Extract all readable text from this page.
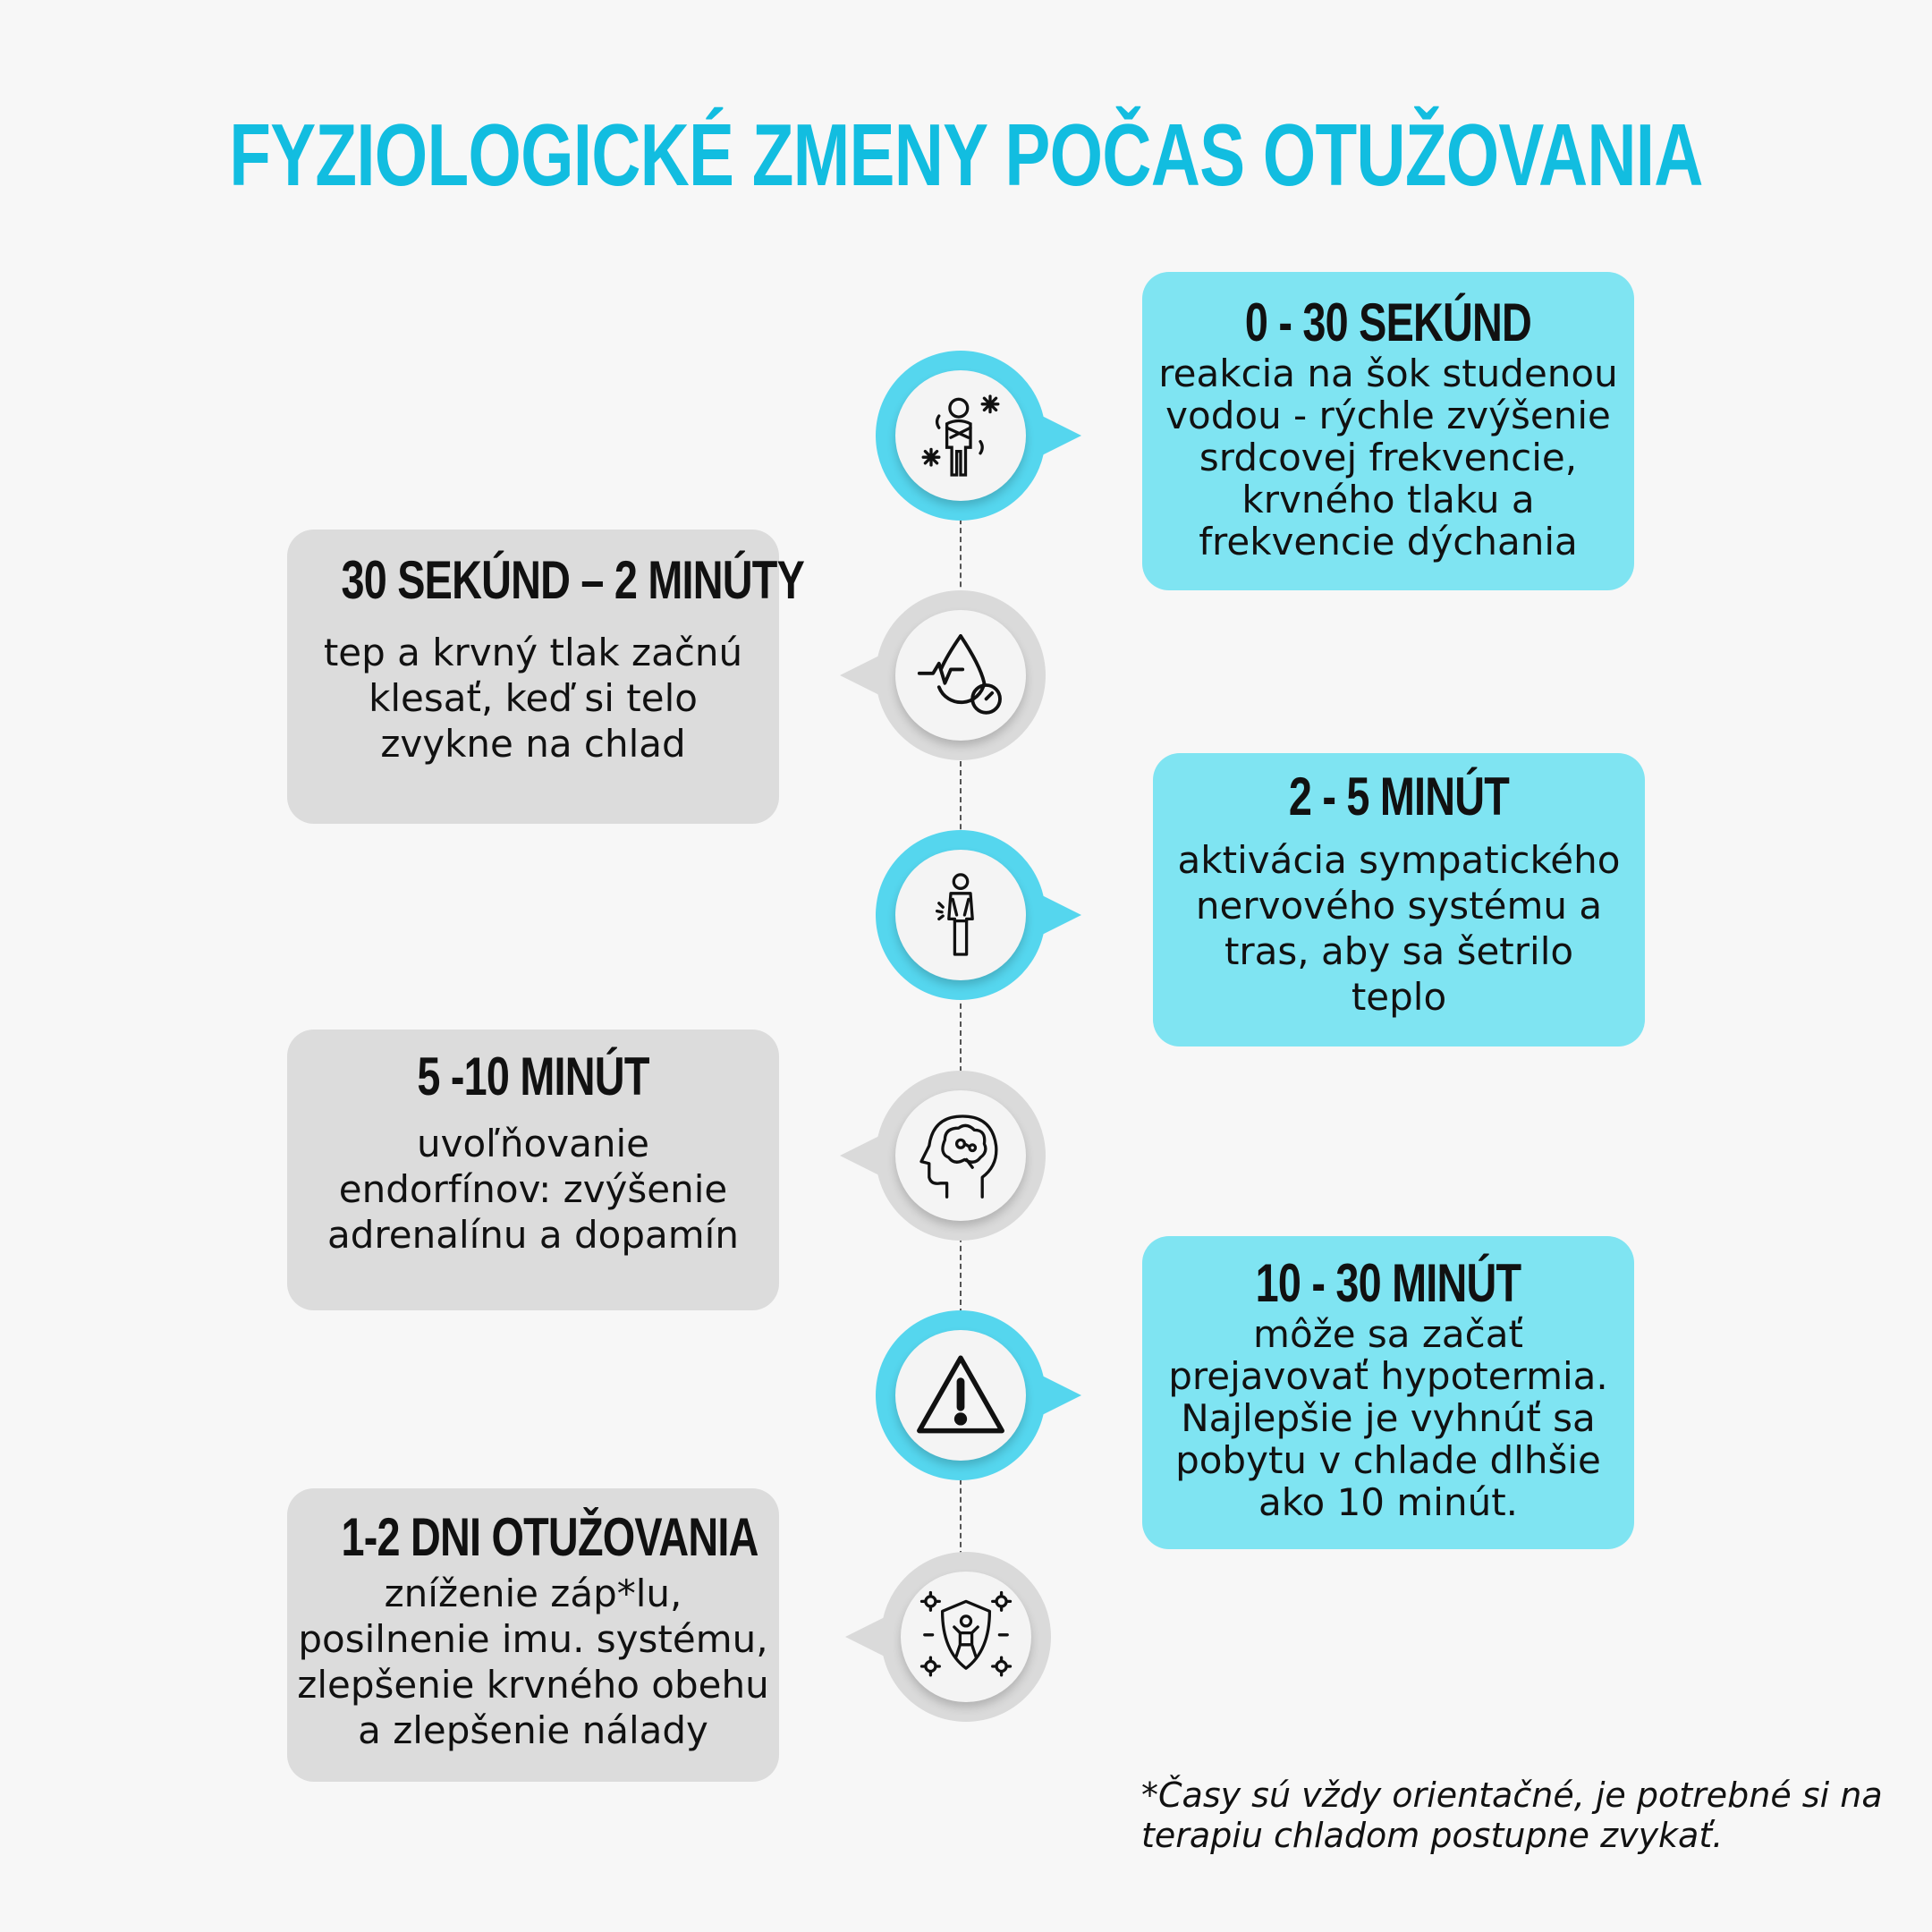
FYZIOLOGICKÉ ZMENY POČAS OTUŽOVANIA
0 - 30 SEKÚND

reakcia na šok studenou

vodou - rýchle zvýšenie

srdcovej frekvencie,

krvného tlaku a

frekvencie dýchania

30 SEKÚND – 2 MINÚTY

tep a krvný tlak začnú

klesať, keď si telo

zvykne na chlad

2 - 5 MINÚT

aktivácia sympatického

nervového systému a

tras, aby sa šetrilo

teplo

5 -10 MINÚT

uvoľňovanie

endorfínov: zvýšenie

adrenalínu a dopamín

10 - 30 MINÚT

môže sa začať

prejavovať hypotermia.

Najlepšie je vyhnúť sa

pobytu v chlade dlhšie

ako 10 minút.

1-2 DNI OTUŽOVANIA

zníženie záp*lu,

posilnenie imu. systému,

zlepšenie krvného obehu

a zlepšenie nálady

*Časy sú vždy orientačné, je potrebné si na terapiu chladom postupne zvykať.
